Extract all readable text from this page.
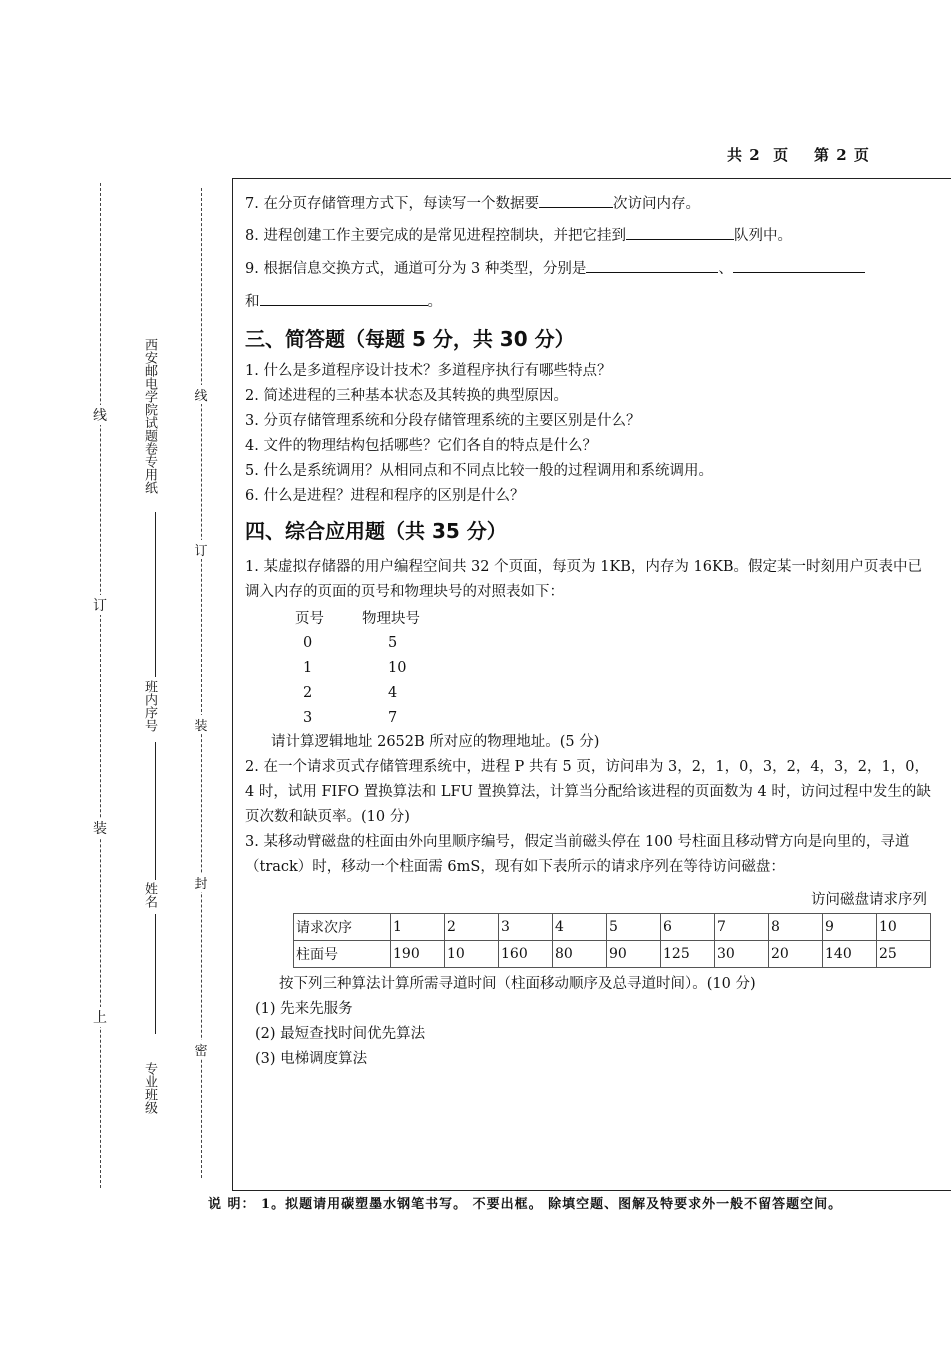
共 2  页    第 2 页
线
订
装
上
西安邮电学院试题卷专用纸
班内序号
姓名
专业班级
线
订
装
封
密
7. 在分页存储管理方式下，每读写一个数据要	次访问内存。
8. 进程创建工作主要完成的是常见进程控制块，并把它挂到	队列中。
9. 根据信息交换方式，通道可分为 3 种类型，分别是	、
和	。
三、简答题（每题 5 分，共 30 分）
1. 什么是多道程序设计技术？多道程序执行有哪些特点？
2. 简述进程的三种基本状态及其转换的典型原因。
3. 分页存储管理系统和分段存储管理系统的主要区别是什么？
4. 文件的物理结构包括哪些？它们各自的特点是什么？
5. 什么是系统调用？从相同点和不同点比较一般的过程调用和系统调用。
6. 什么是进程？进程和程序的区别是什么？
四、综合应用题（共 35 分）
1. 某虚拟存储器的用户编程空间共 32 个页面，每页为 1KB，内存为 16KB。假定某一时刻用户页表中已调入内存的页面的页号和物理块号的对照表如下：
页号	物理块号
0	5
1	10
2	4
3	7
请计算逻辑地址 2652B 所对应的物理地址。(5 分)
2. 在一个请求页式存储管理系统中，进程 P 共有 5 页，访问串为 3，2，1，0，3，2，4，3，2，1，0，4 时，试用 FIFO 置换算法和 LFU 置换算法，计算当分配给该进程的页面数为 4 时，访问过程中发生的缺页次数和缺页率。(10 分)
3. 某移动臂磁盘的柱面由外向里顺序编号，假定当前磁头停在 100 号柱面且移动臂方向是向里的，寻道（track）时，移动一个柱面需 6mS，现有如下表所示的请求序列在等待访问磁盘：
访问磁盘请求序列
请求次序	1	2	3	4	5	6	7	8	9	10
柱面号	190	10	160	80	90	125	30	20	140	25
按下列三种算法计算所需寻道时间（柱面移动顺序及总寻道时间）。(10 分)
(1) 先来先服务
(2) 最短查找时间优先算法
(3) 电梯调度算法
说 明： 1。拟题请用碳塑墨水钢笔书写。 不要出框。 除填空题、图解及特要求外一般不留答题空间。
